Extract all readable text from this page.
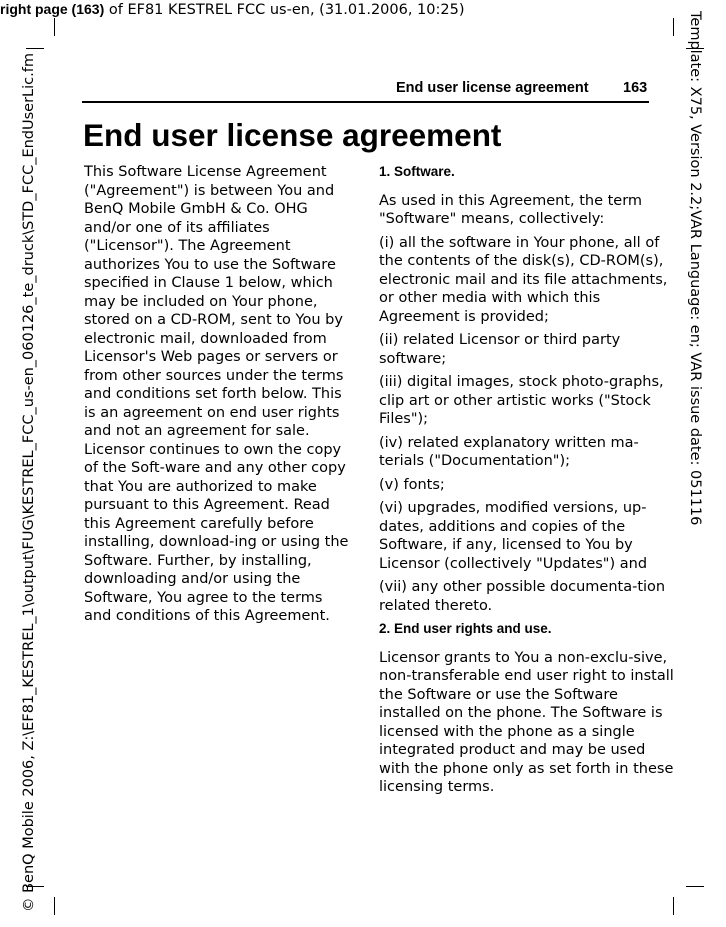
right page (163) of EF81 KESTREL FCC us-en, (31.01.2006, 10:25)
© BenQ Mobile 2006, Z:\EF81_KESTREL_1\output\FUG\KESTREL_FCC_us-en_060126_te_druck\STD_FCC_EndUserLic.fm	Template: X75, Version 2.2;VAR Language: en; VAR issue date: 051116
End user license agreement 163
End user license agreement

This Software License Agreement ("Agreement") is between You and BenQ Mobile GmbH & Co. OHG and/or one of its affiliates ("Licensor"). The Agreement authorizes You to use the Software specified in Clause 1 below, which may be included on Your phone, stored on a CD-ROM, sent to You by electronic mail, downloaded from Licensor's Web pages or servers or from other sources under the terms and conditions set forth below. This is an agreement on end user rights and not an agreement for sale. Licensor continues to own the copy of the Soft-ware and any other copy that You are authorized to make pursuant to this Agreement. Read this Agreement carefully before installing, download-ing or using the Software. Further, by installing, downloading and/or using the Software, You agree to the terms and conditions of this Agreement.

1. Software.

As used in this Agreement, the term "Software" means, collectively:

(i) all the software in Your phone, all of the contents of the disk(s), CD-ROM(s), electronic mail and its file attachments, or other media with which this Agreement is provided;

(ii) related Licensor or third party software;

(iii) digital images, stock photo-graphs, clip art or other artistic works ("Stock Files");

(iv) related explanatory written ma-terials ("Documentation");

(v) fonts;

(vi) upgrades, modified versions, up-dates, additions and copies of the Software, if any, licensed to You by Licensor (collectively "Updates") and

(vii) any other possible documenta-tion related thereto.

2. End user rights and use.

Licensor grants to You a non-exclu-sive, non-transferable end user right to install the Software or use the Software installed on the phone. The Software is licensed with the phone as a single integrated product and may be used with the phone only as set forth in these licensing terms.
